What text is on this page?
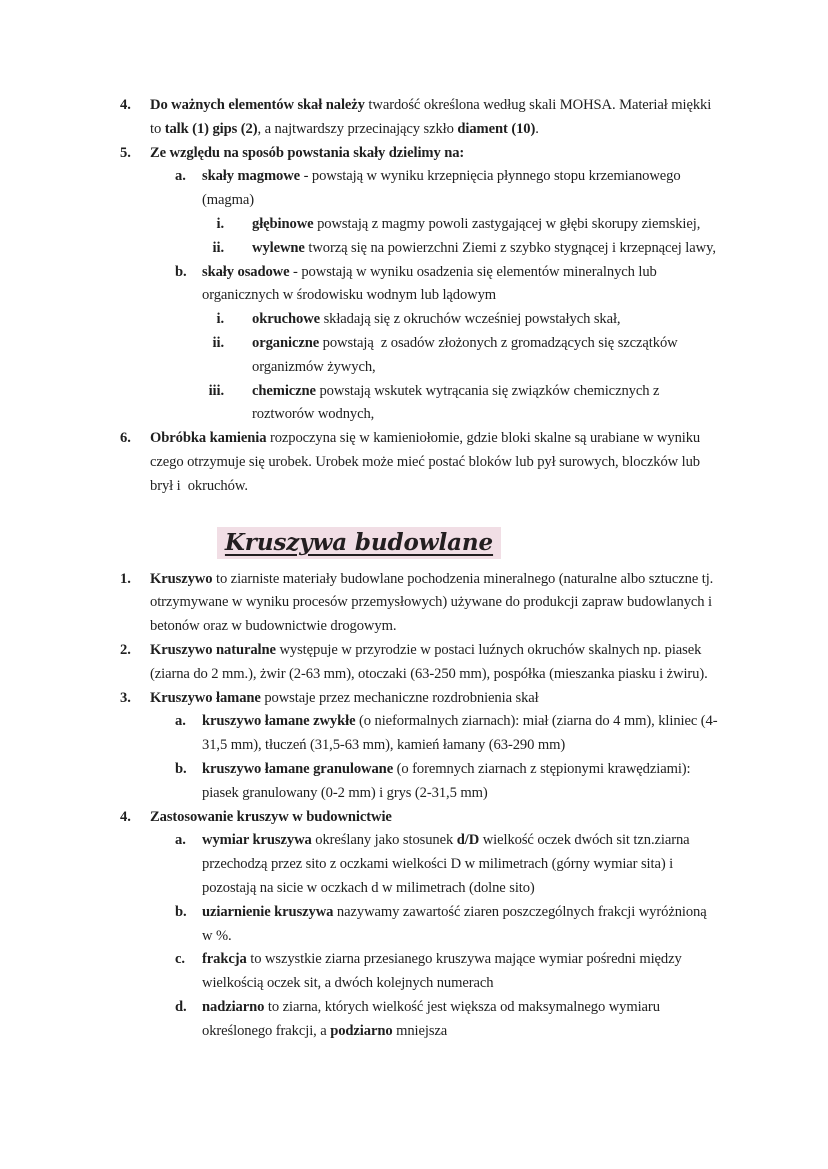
4.	Do ważnych elementów skał należy twardość określona według skali MOHSA. Materiał miękki to talk (1) gips (2), a najtwardszy przecinający szkło diament (10).
5.	Ze względu na sposób powstania skały dzielimy na:
a.	skały magmowe - powstają w wyniku krzepnięcia płynnego stopu krzemianowego (magma)
i. głębinowe powstają z magmy powoli zastygającej w głębi skorupy ziemskiej,
ii. wylewne tworzą się na powierzchni Ziemi z szybko stygnącej i krzepnącej lawy,
b.	skały osadowe - powstają w wyniku osadzenia się elementów mineralnych lub organicznych w środowisku wodnym lub lądowym
i. okruchowe składają się z okruchów wcześniej powstałych skał,
ii. organiczne powstają  z osadów złożonych z gromadzących się szczątków organizmów żywych,
iii. chemiczne powstają wskutek wytrącania się związków chemicznych z roztworów wodnych,
6.	Obróbka kamienia rozpoczyna się w kamieniołomie, gdzie bloki skalne są urabiane w wyniku czego otrzymuje się urobek. Urobek może mieć postać bloków lub pył surowych, bloczków lub brył i  okruchów.
Kruszywa budowlane
1.	Kruszywo to ziarniste materiały budowlane pochodzenia mineralnego (naturalne albo sztuczne tj. otrzymywane w wyniku procesów przemysłowych) używane do produkcji zapraw budowlanych i betonów oraz w budownictwie drogowym.
2.	Kruszywo naturalne występuje w przyrodzie w postaci luźnych okruchów skalnych np. piasek (ziarna do 2 mm.), żwir (2-63 mm), otoczaki (63-250 mm), pospółka (mieszanka piasku i żwiru).
3.	Kruszywo łamane powstaje przez mechaniczne rozdrobnienia skał
a.	kruszywo łamane zwykłe (o nieformalnych ziarnach): miał (ziarna do 4 mm), kliniec (4-31,5 mm), tłuczeń (31,5-63 mm), kamień łamany (63-290 mm)
b.	kruszywo łamane granulowane (o foremnych ziarnach z stępionymi krawędziami): piasek granulowany (0-2 mm) i grys (2-31,5 mm)
4.	Zastosowanie kruszyw w budownictwie
a.	wymiar kruszywa określany jako stosunek d/D wielkość oczek dwóch sit tzn.ziarna przechodzą przez sito z oczkami wielkości D w milimetrach (górny wymiar sita) i pozostają na sicie w oczkach d w milimetrach (dolne sito)
b.	uziarnienie kruszywa nazywamy zawartość ziaren poszczególnych frakcji wyróżnioną w %.
c.	frakcja to wszystkie ziarna przesianego kruszywa mające wymiar pośredni między wielkością oczek sit, a dwóch kolejnych numerach
d.	nadziarno to ziarna, których wielkość jest większa od maksymalnego wymiaru określonego frakcji, a podziarno mniejsza
